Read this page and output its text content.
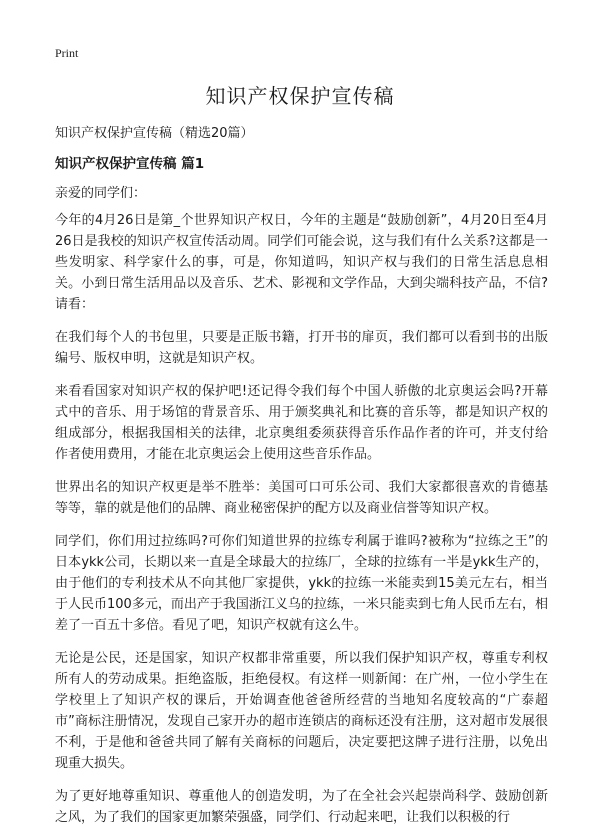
Print
知识产权保护宣传稿
知识产权保护宣传稿（精选20篇）
知识产权保护宣传稿 篇1
亲爱的同学们：

今年的4月26日是第_个世界知识产权日，今年的主题是“鼓励创新”，4月20日至4月26日是我校的知识产权宣传活动周。同学们可能会说，这与我们有什么关系?这都是一些发明家、科学家什么的事，可是，你知道吗，知识产权与我们的日常生活息息相关。小到日常生活用品以及音乐、艺术、影视和文学作品，大到尖端科技产品，不信?请看：

在我们每个人的书包里，只要是正版书籍，打开书的扉页，我们都可以看到书的出版编号、版权申明，这就是知识产权。

来看看国家对知识产权的保护吧!还记得令我们每个中国人骄傲的北京奥运会吗?开幕式中的音乐、用于场馆的背景音乐、用于颁奖典礼和比赛的音乐等，都是知识产权的组成部分，根据我国相关的法律，北京奥组委须获得音乐作品作者的许可，并支付给作者使用费用，才能在北京奥运会上使用这些音乐作品。

世界出名的知识产权更是举不胜举：美国可口可乐公司、我们大家都很喜欢的肯德基等等，靠的就是他们的品牌、商业秘密保护的配方以及商业信誉等知识产权。

同学们，你们用过拉练吗?可你们知道世界的拉练专利属于谁吗?被称为“拉练之王”的日本ykk公司，长期以来一直是全球最大的拉练厂，全球的拉练有一半是ykk生产的，由于他们的专利技术从不向其他厂家提供，ykk的拉练一米能卖到15美元左右，相当于人民币100多元，而出产于我国浙江义乌的拉练，一米只能卖到七角人民币左右，相差了一百五十多倍。看见了吧，知识产权就有这么牛。

无论是公民，还是国家，知识产权都非常重要，所以我们保护知识产权，尊重专利权所有人的劳动成果。拒绝盗版，拒绝侵权。有这样一则新闻：在广州，一位小学生在学校里上了知识产权的课后，开始调查他爸爸所经营的当地知名度较高的“广泰超市”商标注册情况，发现自己家开办的超市连锁店的商标还没有注册，这对超市发展很不利，于是他和爸爸共同了解有关商标的问题后，决定要把这牌子进行注册，以免出现重大损失。

为了更好地尊重知识、尊重他人的创造发明，为了在全社会兴起崇尚科学、鼓励创新之风，为了我们的国家更加繁荣强盛，同学们、行动起来吧，让我们以积极的行
